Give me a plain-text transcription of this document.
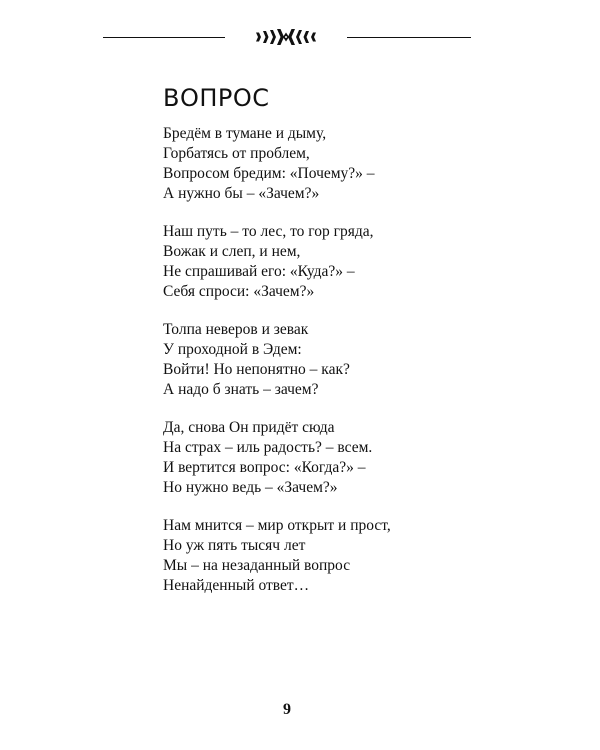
ВОПРОС
Бредём в тумане и дыму,
Горбатясь от проблем,
Вопросом бредим: «Почему?» –
А нужно бы – «Зачем?»
Наш путь – то лес, то гор гряда,
Вожак и слеп, и нем,
Не спрашивай его: «Куда?» –
Себя спроси: «Зачем?»
Толпа неверов и зевак
У проходной в Эдем:
Войти! Но непонятно – как?
А надо б знать – зачем?
Да, снова Он придёт сюда
На страх – иль радость? – всем.
И вертится вопрос: «Когда?» –
Но нужно ведь – «Зачем?»
Нам мнится – мир открыт и прост,
Но уж пять тысяч лет
Мы – на незаданный вопрос
Ненайденный ответ…
9
